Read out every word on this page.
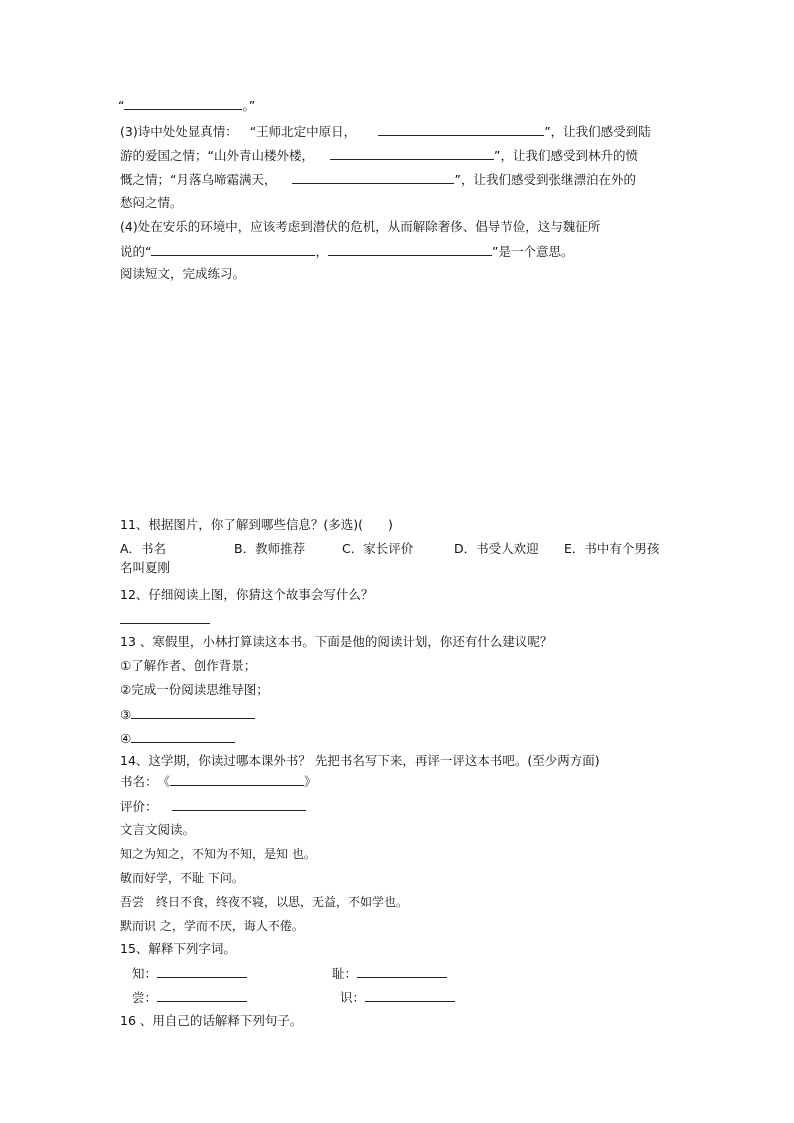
“	。”
(3)诗中处处显真情： “王师北定中原日，	”，让我们感受到陆
游的爱国之情；“山外青山楼外楼，	”，让我们感受到林升的愤
慨之情；“月落乌啼霜满天，	”，让我们感受到张继漂泊在外的
愁闷之情。
(4)处在安乐的环境中，应该考虑到潜伏的危机，从而解除奢侈、倡导节俭，这与魏征所
说的“	，	”是一个意思。
阅读短文，完成练习。
11、根据图片，你了解到哪些信息？(多选)(　　)
A．书名	B．教师推荐	C．家长评价	D．书受人欢迎 E．书中有个男孩
名叫夏刚
12、仔细阅读上图，你猜这个故事会写什么？
13 、寒假里，小林打算读这本书。下面是他的阅读计划，你还有什么建议呢？
①了解作者、创作背景；
②完成一份阅读思维导图；
③
④
14、这学期，你读过哪本课外书？ 先把书名写下来，再评一评这本书吧。(至少两方面)
书名：　《	》
评价：
文言文阅读。
知之为知之，不知为不知，是知 也。
敏而好学，不耻 下问。
吾尝　终日不食，终夜不寝，以思，无益，不如学也。
默而识 之，学而不厌，诲人不倦。
15、解释下列字词。
知：	耻：
尝：	识：
16 、用自己的话解释下列句子。
